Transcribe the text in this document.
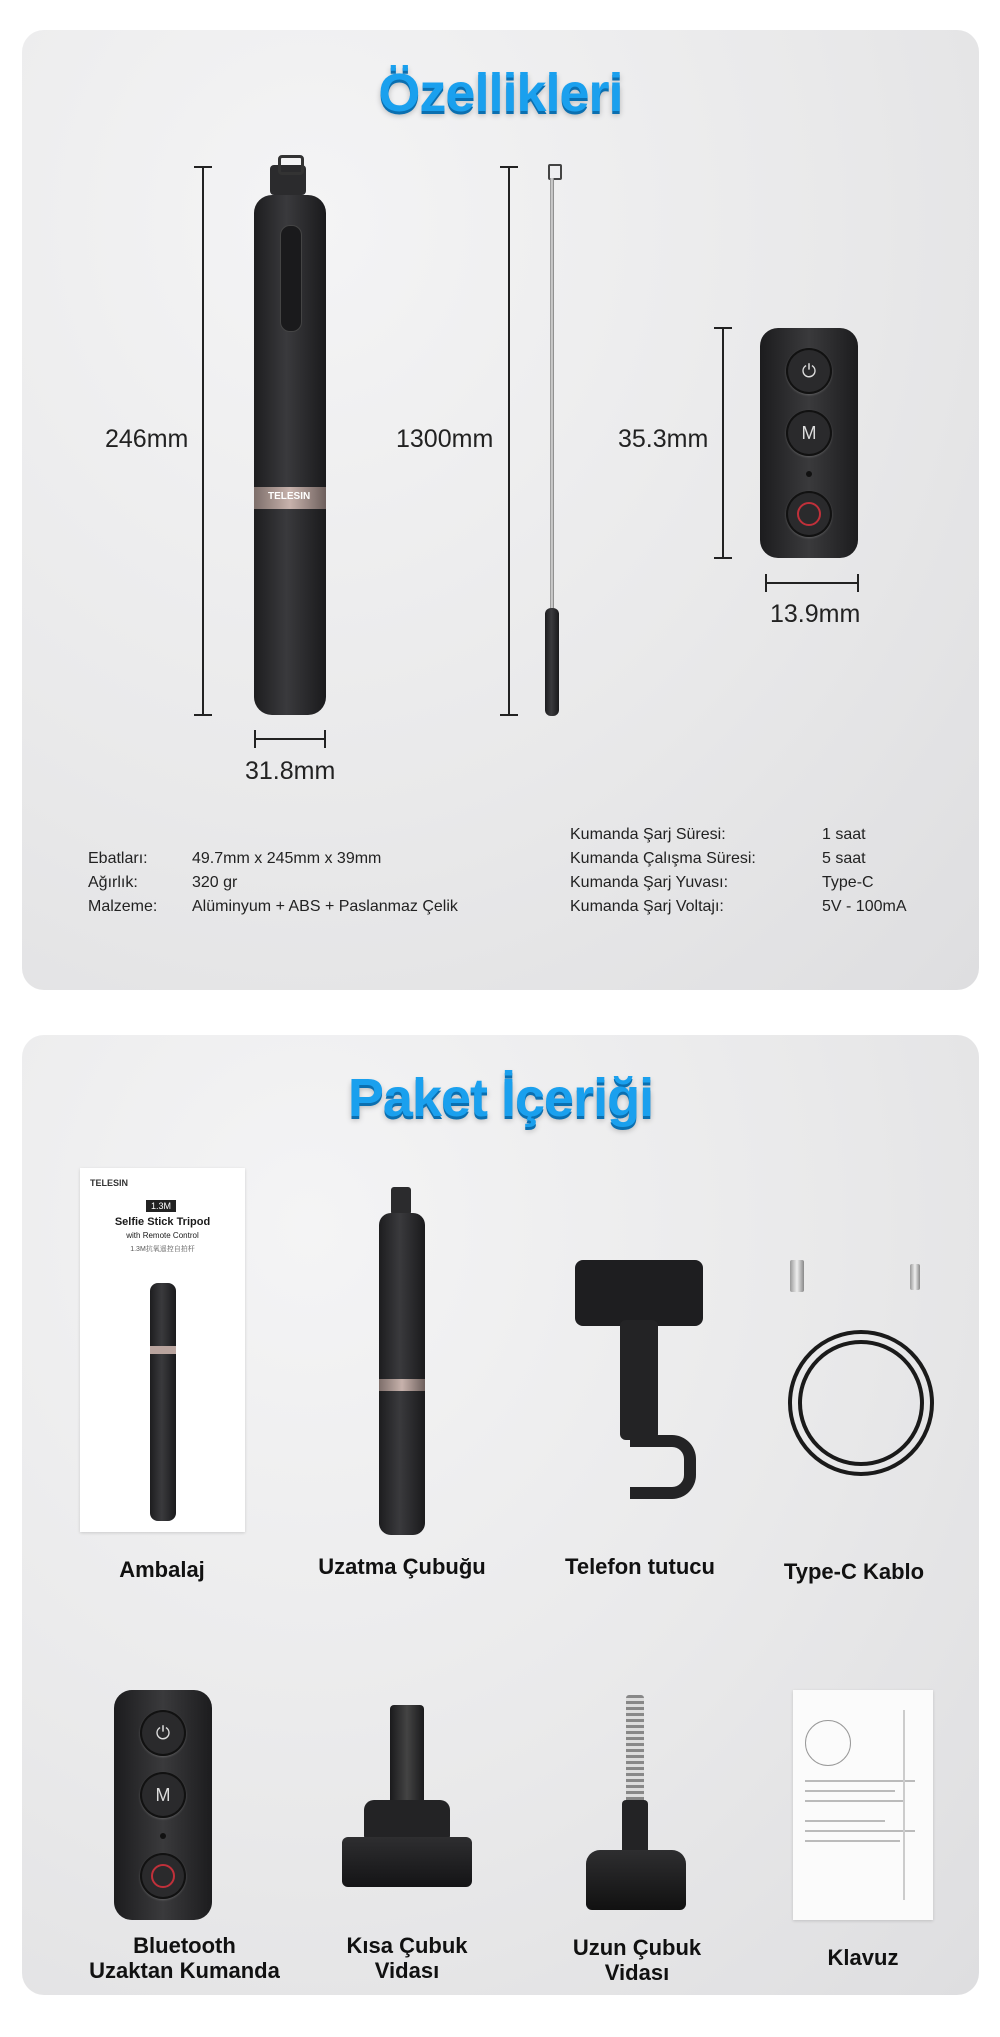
Özellikleri
246mm
TELESIN
31.8mm
1300mm	35.3mm
⏻
M
13.9mm
Ebatları:	49.7mm x 245mm x 39mm
Ağırlık:	320 gr
Malzeme: Alüminyum + ABS + Paslanmaz Çelik
Kumanda Şarj Süresi:	1 saat
Kumanda Çalışma Süresi:	5 saat
Kumanda Şarj Yuvası:	Type-C
Kumanda Şarj Voltajı:	5V - 100mA
Paket İçeriği
TELESIN
1.3M
Selfie Stick Tripod
with Remote Control
1.3M抗氧遥控自拍杆
Ambalaj	Uzatma Çubuğu	Telefon tutucu	Type-C Kablo
⏻
M
Bluetooth
Uzaktan Kumanda
Kısa Çubuk
Vidası
Uzun Çubuk
Vidası
Klavuz
